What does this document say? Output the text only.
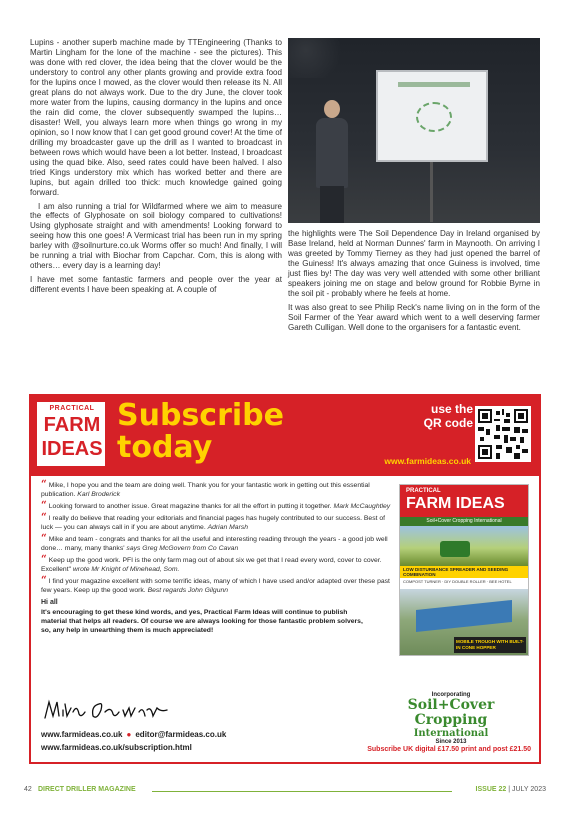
Lupins - another superb machine made by TTEngineering (Thanks to Martin Lingham for the lone of the machine - see the pictures). This was done with red clover, the idea being that the clover would be the understory to control any other plants growing and provide extra food for the lupins once I mowed, as the clover would then release its N. All great plans do not always work. Due to the dry June, the clover took more water from the lupins, causing dormancy in the lupins and once the rain did come, the clover subsequently swamped the lupins… disaster! Well, you always learn more when things go wrong in my opinion, so I now know that I can get good ground cover! At the time of drilling my broadcaster gave up the drill as I wanted to broadcast in between rows which would have been a lot better. Instead, I broadcast using the quad bike. Also, seed rates could have been halved. I also tried Kings understory mix which has worked better and there are lupins, but again drilled too thick: much knowledge gained going forward.

I am also running a trial for Wildfarmed where we aim to measure the effects of Glyphosate on soil biology compared to cultivations! Using glyphosate straight and with amendments! Looking forward to seeing how this one goes! A Vermicast trial has been run in my spring barley with @soilnurture.co.uk Worms offer so much! And finally, I will be running a trial with Biochar from Capchar. Com, this is along with others… every day is a learning day!

I have met some fantastic farmers and people over the year at different events I have been speaking at. A couple of

the highlights were The Soil Dependence Day in Ireland organised by Base Ireland, held at Norman Dunnes' farm in Maynooth. On arriving I was greeted by Tommy Tierney as they had just opened the barrel of the Guiness! It's always amazing that once Guiness is involved, time just flies by! The day was very well attended with some other brilliant speakers joining me on stage and below ground for Robbie Byrne in the soil pit - probably where he feels at home.

It was also great to see Philip Reck's name living on in the form of the Soil Farmer of the Year award which went to a well deserving farmer Gareth Culligan. Well done to the organisers for a fantastic event.

PRACTICAL
FARM
IDEAS
Subscribe
today
use the
QR code
www.farmideas.co.uk
“ Mike, I hope you and the team are doing well. Thank you for your fantastic work in getting out this essential publication. Karl Broderick
“ Looking forward to another issue. Great magazine thanks for all the effort in putting it together. Mark McCaughtley
“ I really do believe that reading your editorials and financial pages has hugely contributed to our success. Best of luck — you can always call in if you are about anytime. Adrian Marsh
“ Mike and team - congrats and thanks for all the useful and interesting reading through the years - a good job well done… many, many thanks' says Greg McGovern from Co Cavan
“ Keep up the good work. PFI is the only farm mag out of about six we get that I read every word, cover to cover. Excellent" wrote Mr Knight of Minehead, Som.
“ I find your magazine excellent with some terrific ideas, many of which I have used and/or adapted over these past few years. Keep up the good work. Best regards John Gilgunn
Hi all
It's encouraging to get these kind words, and yes, Practical Farm Ideas will continue to publish material that helps all readers. Of course we are always looking for those fantastic problem solvers, so, any help in unearthing them is much appreciated!
www.farmideas.co.uk ● editor@farmideas.co.uk
www.farmideas.co.uk/subscription.html
PRACTICAL
FARM IDEAS
Soil+Cover Cropping International
LOW DISTURBANCE SPREADER AND SEEDING COMBINATION
COMPOST TURNER · DIY DOUBLE ROLLER · BEE HOTEL
MOBILE TROUGH WITH BUILT-IN CONE HOPPER
Incorporating
Soil+Cover Cropping
International
Since 2013
Subscribe UK digital £17.50 print and post £21.50
42 DIRECT DRILLER MAGAZINE	ISSUE 22 | JULY 2023
